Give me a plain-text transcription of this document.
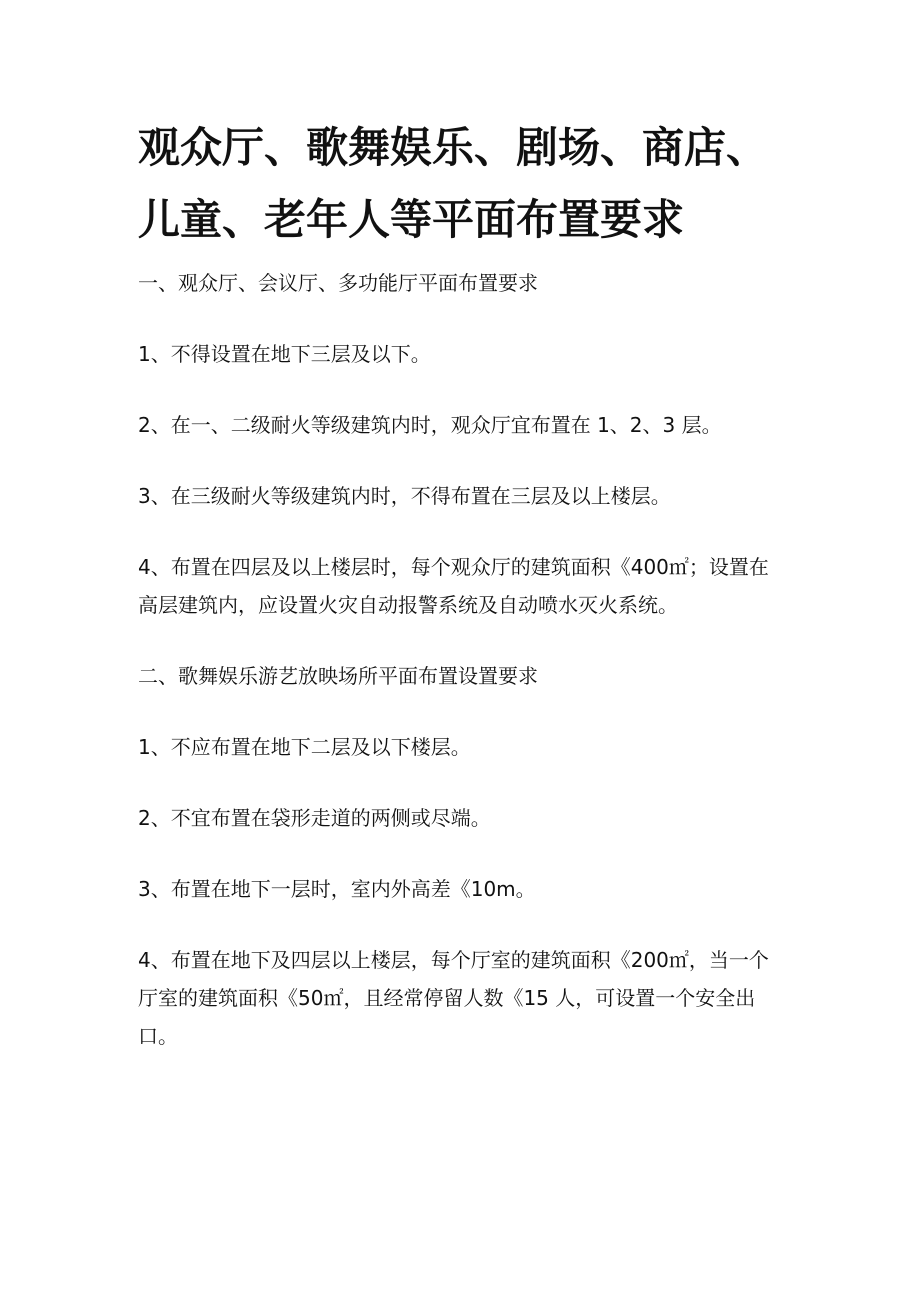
观众厅、歌舞娱乐、剧场、商店、
儿童、老年人等平面布置要求

一、观众厅、会议厅、多功能厅平面布置要求

1、不得设置在地下三层及以下。

2、在一、二级耐火等级建筑内时，观众厅宜布置在 1、2、3 层。

3、在三级耐火等级建筑内时，不得布置在三层及以上楼层。

4、布置在四层及以上楼层时，每个观众厅的建筑面积《400㎡；设置在高层建筑内，应设置火灾自动报警系统及自动喷水灭火系统。

二、歌舞娱乐游艺放映场所平面布置设置要求

1、不应布置在地下二层及以下楼层。

2、不宜布置在袋形走道的两侧或尽端。

3、布置在地下一层时，室内外高差《10m。

4、布置在地下及四层以上楼层，每个厅室的建筑面积《200㎡，当一个厅室的建筑面积《50㎡，且经常停留人数《15 人，可设置一个安全出口。
